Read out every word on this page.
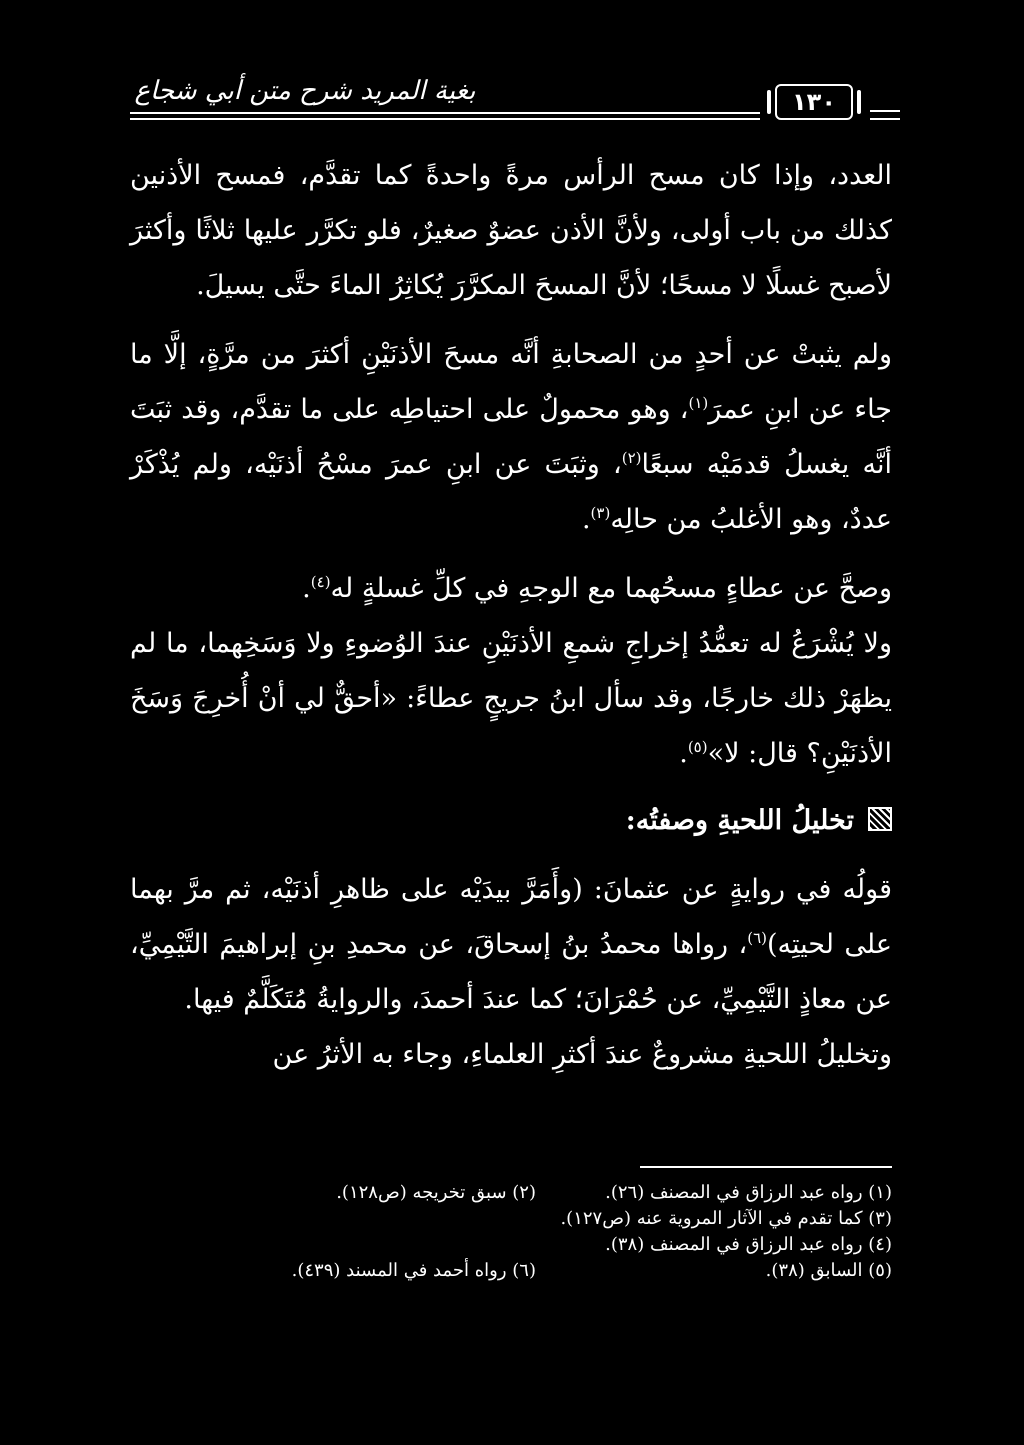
بغية المريد شرح متن أبي شجاع	١٣٠

العدد، وإذا كان مسح الرأس مرةً واحدةً كما تقدَّم، فمسح الأذنين كذلك من باب أولى، ولأنَّ الأذن عضوٌ صغيرٌ، فلو تكرَّر عليها ثلاثًا وأكثرَ لأصبح غسلًا لا مسحًا؛ لأنَّ المسحَ المكرَّرَ يُكاثِرُ الماءَ حتَّى يسيلَ.

ولم يثبتْ عن أحدٍ من الصحابةِ أنَّه مسحَ الأذنَيْنِ أكثرَ من مرَّةٍ، إلَّا ما جاء عن ابنِ عمرَ$^{(١)}$، وهو محمولٌ على احتياطِه على ما تقدَّم، وقد ثبَتَ أنَّه يغسلُ قدمَيْه سبعًا$^{(٢)}$، وثبَتَ عن ابنِ عمرَ مسْحُ أذنَيْه، ولم يُذْكَرْ عددٌ، وهو الأغلبُ من حالِه$^{(٣)}$.

وصحَّ عن عطاءٍ مسحُهما مع الوجهِ في كلِّ غسلةٍ له$^{(٤)}$.

ولا يُشْرَعُ له تعمُّدُ إخراجِ شمعِ الأذنَيْنِ عندَ الوُضوءِ ولا وَسَخِهما، ما لم يظهَرْ ذلك خارجًا، وقد سأل ابنُ جريجٍ عطاءً: «أحقٌّ لي أنْ أُخرِجَ وَسَخَ الأذنَيْنِ؟ قال: لا»$^{(٥)}$.

تخليلُ اللحيةِ وصفتُه:

قولُه في روايةٍ عن عثمانَ: (وأَمَرَّ بيدَيْه على ظاهرِ أذنَيْه، ثم مرَّ بهما على لحيتِه)$^{(٦)}$، رواها محمدُ بنُ إسحاقَ، عن محمدِ بنِ إبراهيمَ التَّيْمِيِّ، عن معاذٍ التَّيْمِيِّ، عن حُمْرَانَ؛ كما عندَ أحمدَ، والروايةُ مُتَكَلَّمٌ فيها.

وتخليلُ اللحيةِ مشروعٌ عندَ أكثرِ العلماءِ، وجاء به الأثرُ عن

(١) رواه عبد الرزاق في المصنف (٢٦).
(٢) سبق تخريجه (ص١٢٨).
(٣) كما تقدم في الآثار المروية عنه (ص١٢٧).
(٤) رواه عبد الرزاق في المصنف (٣٨).
(٥) السابق (٣٨).
(٦) رواه أحمد في المسند (٤٣٩).
